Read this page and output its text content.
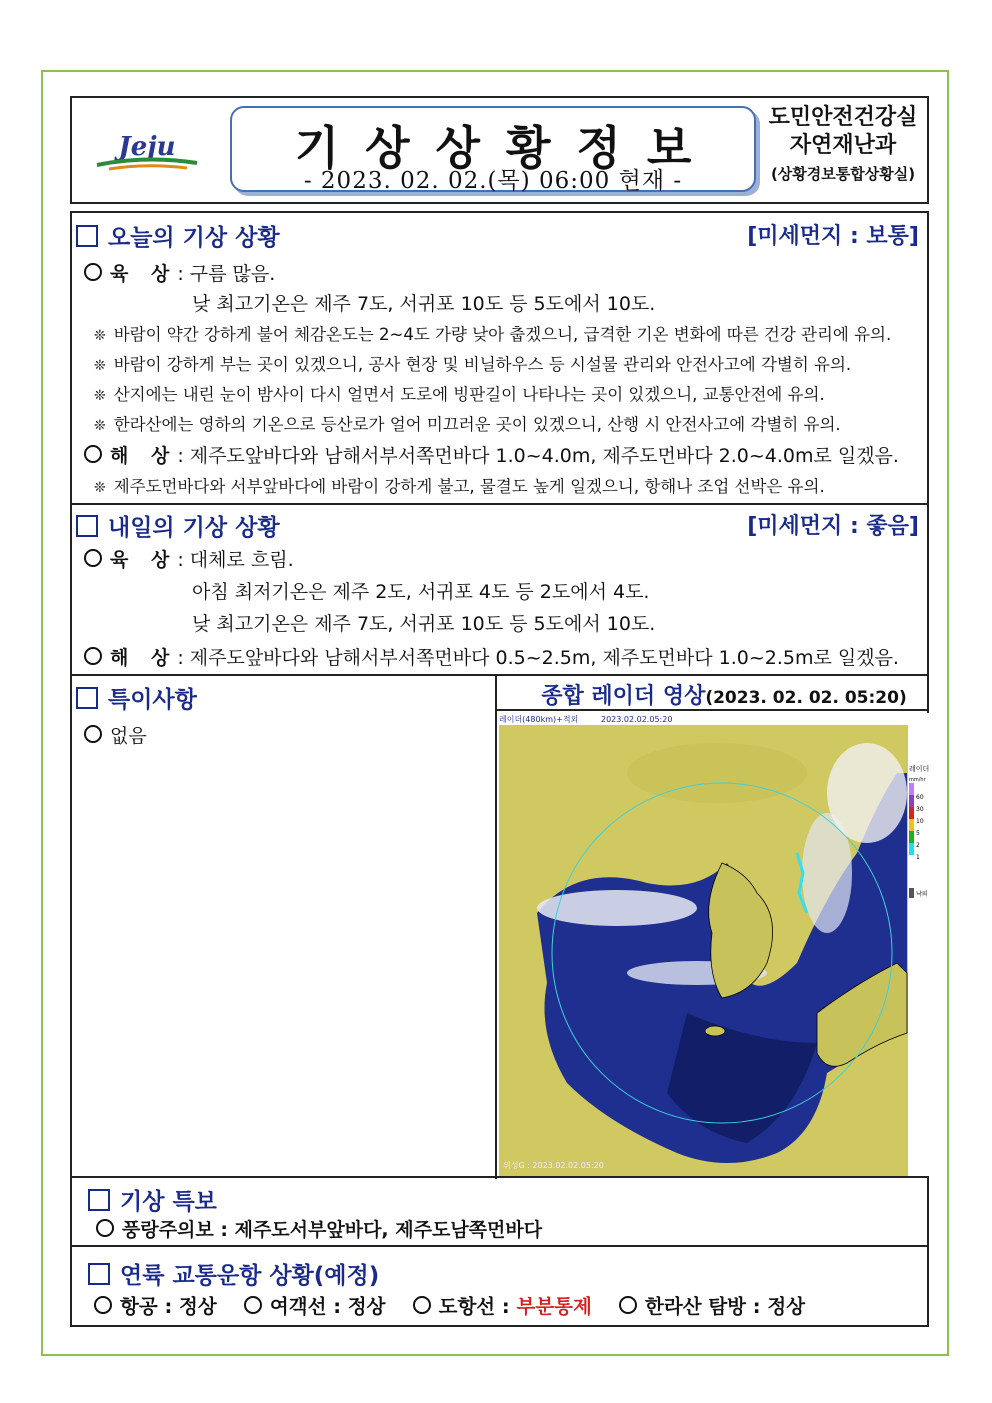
Jeju	기상상황정보
- 2023. 02. 02.(목) 06:00 현재 -
도민안전건강실
자연재난과
(상황경보통합상황실)
오늘의 기상 상황	[미세먼지 : 보통]
육 상: 구름 많음.
낮 최고기온은 제주 7도, 서귀포 10도 등 5도에서 10도.
❊ 바람이 약간 강하게 불어 체감온도는 2~4도 가량 낮아 춥겠으니, 급격한 기온 변화에 따른 건강 관리에 유의.
❊ 바람이 강하게 부는 곳이 있겠으니, 공사 현장 및 비닐하우스 등 시설물 관리와 안전사고에 각별히 유의.
❊ 산지에는 내린 눈이 밤사이 다시 얼면서 도로에 빙판길이 나타나는 곳이 있겠으니, 교통안전에 유의.
❊ 한라산에는 영하의 기온으로 등산로가 얼어 미끄러운 곳이 있겠으니, 산행 시 안전사고에 각별히 유의.
해 상: 제주도앞바다와 남해서부서쪽먼바다 1.0~4.0m, 제주도먼바다 2.0~4.0m로 일겠음.
❊ 제주도먼바다와 서부앞바다에 바람이 강하게 불고, 물결도 높게 일겠으니, 항해나 조업 선박은 유의.
내일의 기상 상황	[미세먼지 : 좋음]
육 상: 대체로 흐림.
아침 최저기온은 제주 2도, 서귀포 4도 등 2도에서 4도.
낮 최고기온은 제주 7도, 서귀포 10도 등 5도에서 10도.
해 상: 제주도앞바다와 남해서부서쪽먼바다 0.5~2.5m, 제주도먼바다 1.0~2.5m로 일겠음.
특이사항
없음
종합 레이더 영상(2023. 02. 02. 05:20)
레이더(480km)+적외	2023.02.02.05:20
위성G : 2023.02.02.05:20
레이더
mm/hr
60
30
10
5
2
1
낙뢰
기상 특보
풍랑주의보 : 제주도서부앞바다, 제주도남쪽먼바다
연륙 교통운항 상황(예정)
항공 : 정상	여객선 : 정상	도항선 : 부분통제	한라산 탐방 : 정상
